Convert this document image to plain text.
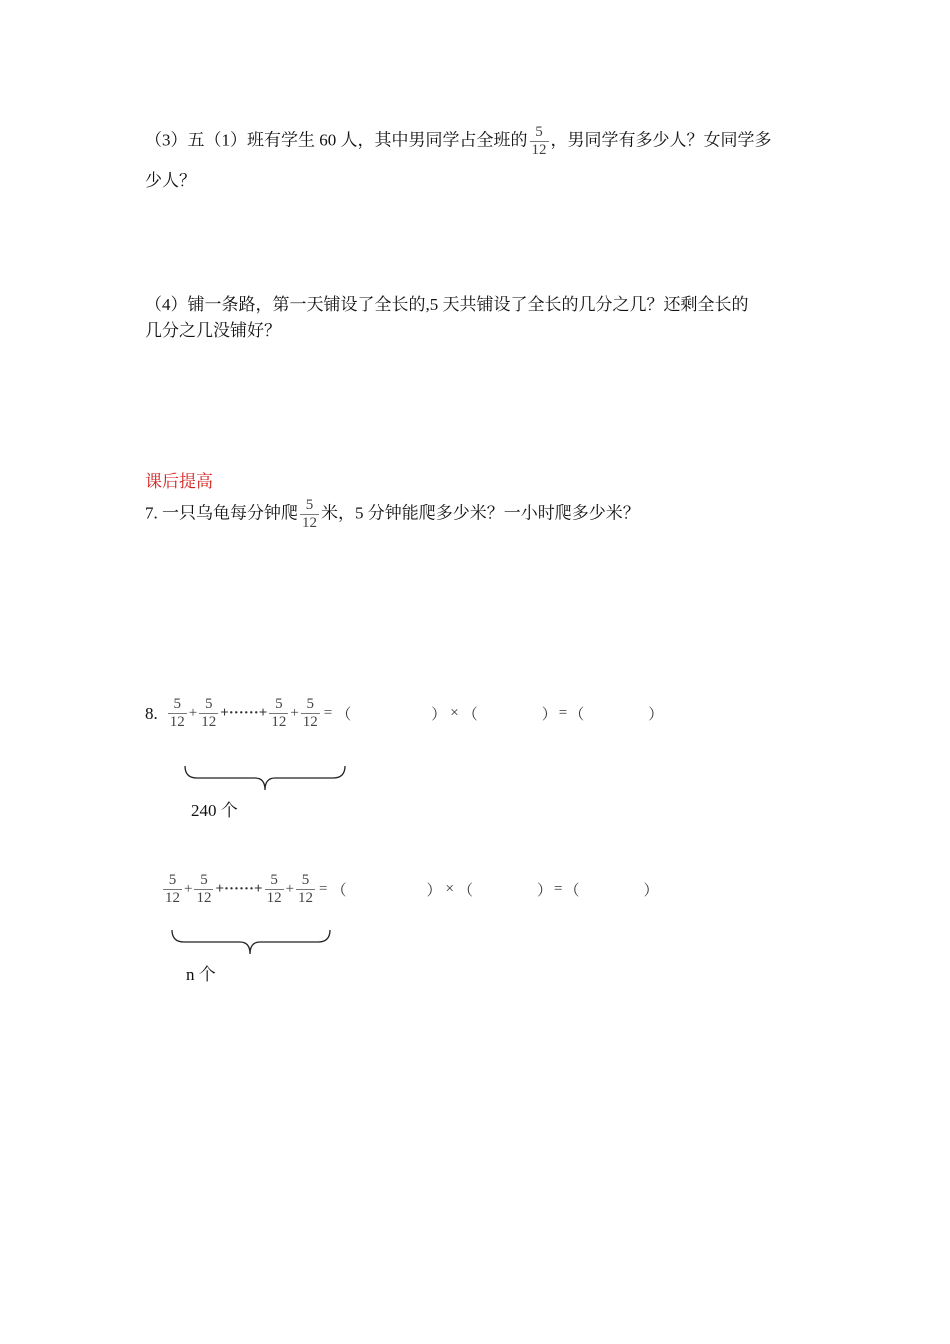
（3）五（1）班有学生 60 人，其中男同学占全班的 $\frac{5}{12}$ ，男同学有多少人？女同学多
少人？
（4）铺一条路，第一天铺设了全长的,5 天共铺设了全长的几分之几？还剩全长的
几分之几没铺好？
课后提高
7. 一只乌龟每分钟爬 $\frac{5}{12}$ 米，5 分钟能爬多少米？一小时爬多少米？
8. $\frac{5}{12} + \frac{5}{12}$ +······+ $\frac{5}{12} + \frac{5}{12}$ = （	） × （	） = （	）
240 个
$\frac{5}{12} + \frac{5}{12}$ +······+ $\frac{5}{12} + \frac{5}{12}$ = （	） × （	） = （	）
n 个
